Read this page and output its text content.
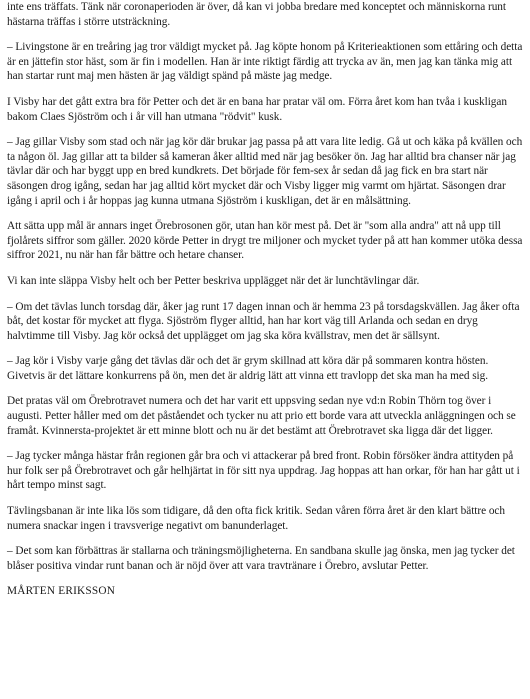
inte ens träffats. Tänk när coronaperioden är över, då kan vi jobba bredare med konceptet och människorna runt hästarna träffas i större utsträckning.

– Livingstone är en treåring jag tror väldigt mycket på. Jag köpte honom på Kriterieaktionen som ettåring och detta är en jättefin stor häst, som är fin i modellen. Han är inte riktigt färdig att trycka av än, men jag kan tänka mig att han startar runt maj men hästen är jag väldigt spänd på mäste jag medge.

I Visby har det gått extra bra för Petter och det är en bana har pratar väl om. Förra året kom han tvåa i kuskligan bakom Claes Sjöström och i år vill han utmana "rödvit" kusk.

– Jag gillar Visby som stad och när jag kör där brukar jag passa på att vara lite ledig. Gå ut och käka på kvällen och ta någon öl. Jag gillar att ta bilder så kameran åker alltid med när jag besöker ön. Jag har alltid bra chanser när jag tävlar där och har byggt upp en bred kundkrets. Det började för fem-sex år sedan då jag fick en bra start när säsongen drog igång, sedan har jag alltid kört mycket där och Visby ligger mig varmt om hjärtat. Säsongen drar igång i april och i år hoppas jag kunna utmana Sjöström i kuskligan, det är en målsättning.

Att sätta upp mål är annars inget Örebrosonen gör, utan han kör mest på. Det är "som alla andra" att nå upp till fjolårets siffror som gäller. 2020 körde Petter in drygt tre miljoner och mycket tyder på att han kommer utöka dessa siffror 2021, nu när han får bättre och hetare chanser.

Vi kan inte släppa Visby helt och ber Petter beskriva upplägget när det är lunchtävlingar där.

– Om det tävlas lunch torsdag där, åker jag runt 17 dagen innan och är hemma 23 på torsdagskvällen. Jag åker ofta båt, det kostar för mycket att flyga. Sjöström flyger alltid, han har kort väg till Arlanda och sedan en dryg halvtimme till Visby. Jag kör också det upplägget om jag ska köra kvällstrav, men det är sällsynt.

– Jag kör i Visby varje gång det tävlas där och det är grym skillnad att köra där på sommaren kontra hösten. Givetvis är det lättare konkurrens på ön, men det är aldrig lätt att vinna ett travlopp det ska man ha med sig.

Det pratas väl om Örebrotravet numera och det har varit ett uppsving sedan nye vd:n Robin Thörn tog över i augusti. Petter håller med om det påståendet och tycker nu att prio ett borde vara att utveckla anläggningen och se framåt. Kvinnersta-projektet är ett minne blott och nu är det bestämt att Örebrotravet ska ligga där det ligger.

– Jag tycker många hästar från regionen går bra och vi attackerar på bred front. Robin försöker ändra attityden på hur folk ser på Örebrotravet och går helhjärtat in för sitt nya uppdrag. Jag hoppas att han orkar, för han har gått ut i hårt tempo minst sagt.

Tävlingsbanan är inte lika lös som tidigare, då den ofta fick kritik. Sedan våren förra året är den klart bättre och numera snackar ingen i travsverige negativt om banunderlaget.

– Det som kan förbättras är stallarna och träningsmöjligheterna. En sandbana skulle jag önska, men jag tycker det blåser positiva vindar runt banan och är nöjd över att vara travtränare i Örebro, avslutar Petter.

MÅRTEN ERIKSSON
